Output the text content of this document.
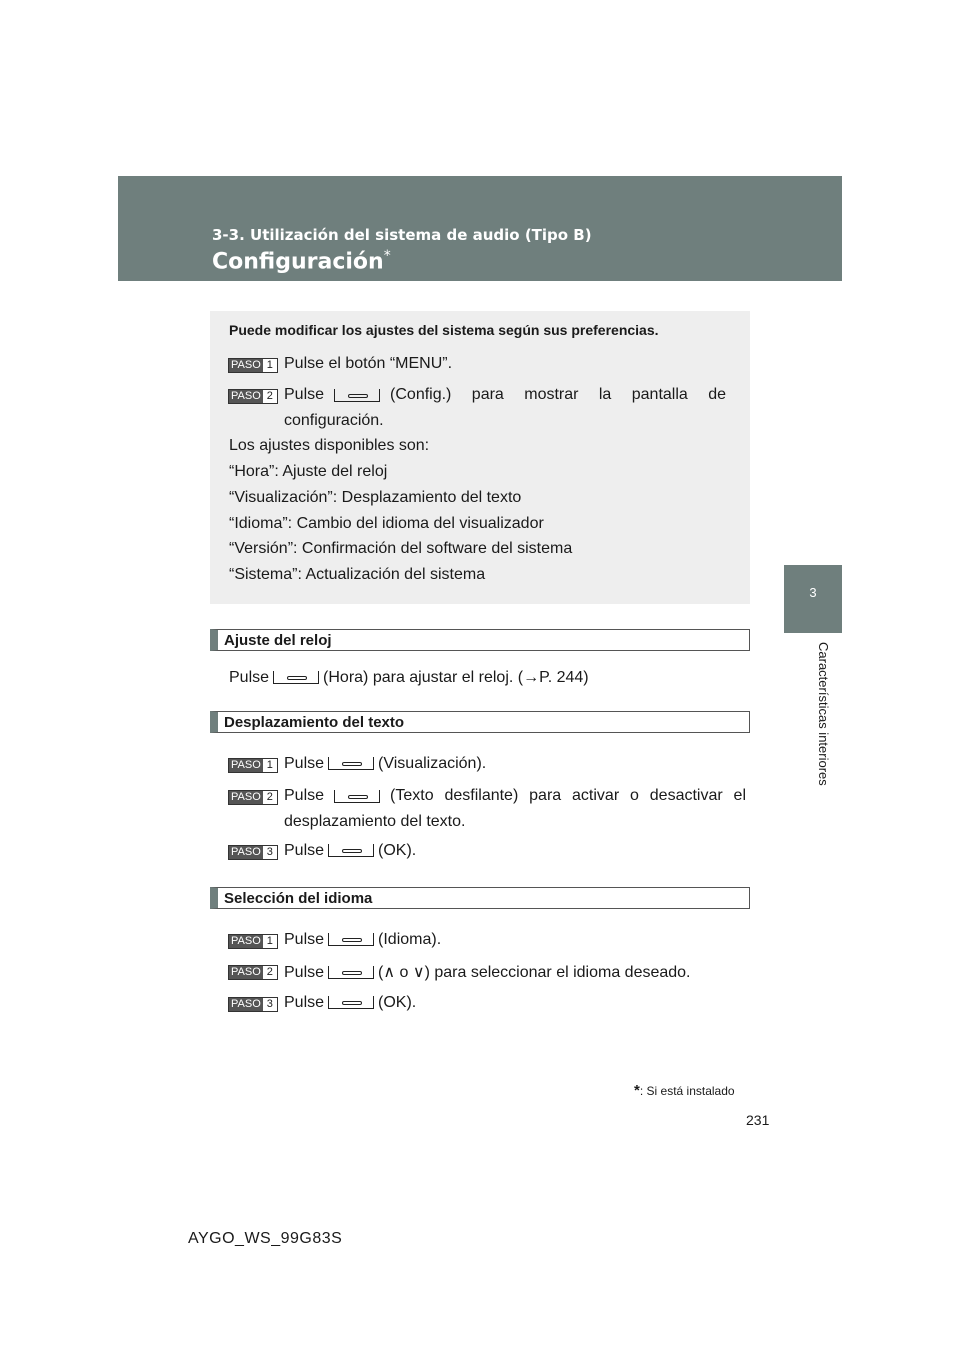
3-3. Utilización del sistema de audio (Tipo B)
Configuración*
3
Características interiores
Puede modificar los ajustes del sistema según sus preferencias.
PASO 1 Pulse el botón “MENU”.
PASO 2 Pulse	(Config.) para mostrar la pantalla de
configuración.
Los ajustes disponibles son:
“Hora”: Ajuste del reloj
“Visualización”: Desplazamiento del texto
“Idioma”: Cambio del idioma del visualizador
“Versión”: Confirmación del software del sistema
“Sistema”: Actualización del sistema
Ajuste del reloj
Pulse	(Hora) para ajustar el reloj. (→P. 244)
Desplazamiento del texto
PASO 1 Pulse	(Visualización).
PASO 2 Pulse	(Texto desfilante) para activar o desactivar el
desplazamiento del texto.
PASO 3 Pulse	(OK).
Selección del idioma
PASO 1 Pulse	(Idioma).
PASO 2 Pulse	(∧ o ∨) para seleccionar el idioma deseado.
PASO 3 Pulse	(OK).
*: Si está instalado
231
AYGO_WS_99G83S
